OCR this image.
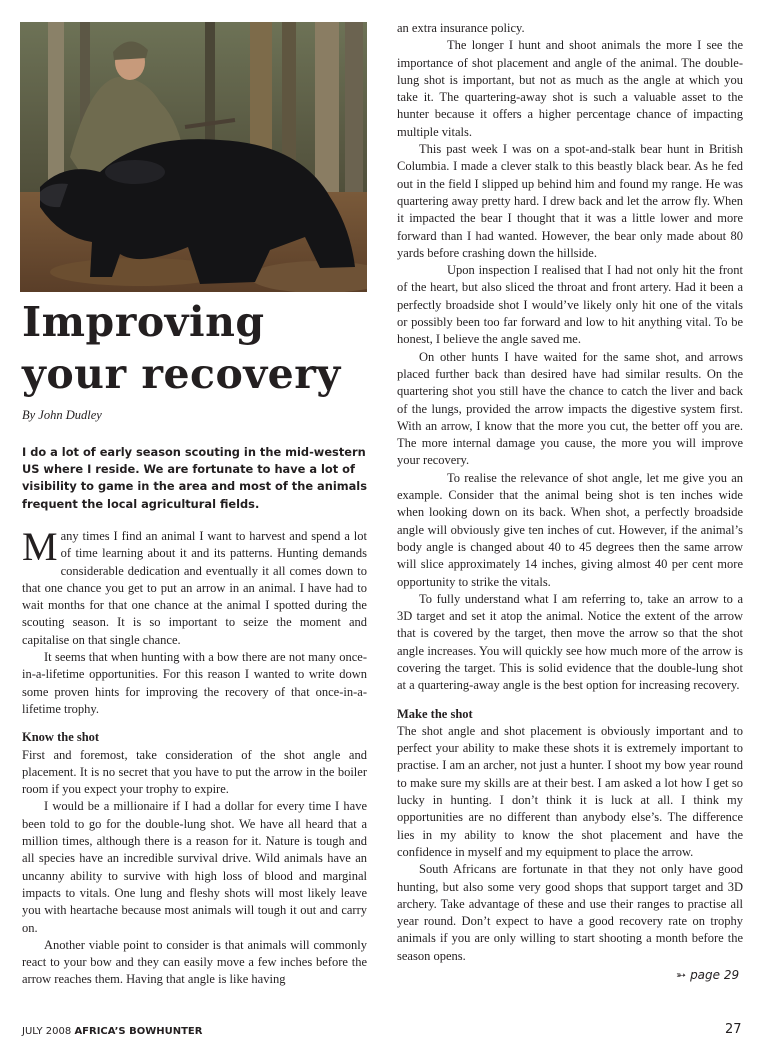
Improving
your recovery
By John Dudley

I do a lot of early season scouting in the mid-western US where I reside. We are fortunate to have a lot of visibility to game in the area and most of the animals frequent the local agricultural fields.

Many times I find an animal I want to harvest and spend a lot of time learning about it and its patterns. Hunting demands considerable dedication and eventually it all comes down to that one chance you get to put an arrow in an animal. I have had to wait months for that one chance at the animal I spotted during the scouting season. It is so important to seize the moment and capitalise on that single chance.

It seems that when hunting with a bow there are not many once-in-a-lifetime opportunities. For this reason I wanted to write down some proven hints for improving the recovery of that once-in-a-lifetime trophy.

Know the shot

First and foremost, take consideration of the shot angle and placement. It is no secret that you have to put the arrow in the boiler room if you expect your trophy to expire.

I would be a millionaire if I had a dollar for every time I have been told to go for the double-lung shot. We have all heard that a million times, although there is a reason for it. Nature is tough and all species have an incredible survival drive. Wild animals have an uncanny ability to survive with high loss of blood and marginal impacts to vitals. One lung and fleshy shots will most likely leave you with heartache because most animals will tough it out and carry on.

Another viable point to consider is that animals will commonly react to your bow and they can easily move a few inches before the arrow reaches them. Having that angle is like having

an extra insurance policy.

The longer I hunt and shoot animals the more I see the importance of shot placement and angle of the animal. The double-lung shot is important, but not as much as the angle at which you take it. The quartering-away shot is such a valuable asset to the hunter because it offers a higher percentage chance of impacting multiple vitals.

This past week I was on a spot-and-stalk bear hunt in British Columbia. I made a clever stalk to this beastly black bear. As he fed out in the field I slipped up behind him and found my range. He was quartering away pretty hard. I drew back and let the arrow fly. When it impacted the bear I thought that it was a little lower and more forward than I had wanted. However, the bear only made about 80 yards before crashing down the hillside.

Upon inspection I realised that I had not only hit the front of the heart, but also sliced the throat and front artery. Had it been a perfectly broadside shot I would’ve likely only hit one of the vitals or possibly been too far forward and low to hit anything vital. To be honest, I believe the angle saved me.

On other hunts I have waited for the same shot, and arrows placed further back than desired have had similar results. On the quartering shot you still have the chance to catch the liver and back of the lungs, provided the arrow impacts the digestive system first. With an arrow, I know that the more you cut, the better off you are. The more internal damage you cause, the more you will improve your recovery.

To realise the relevance of shot angle, let me give you an example. Consider that the animal being shot is ten inches wide when looking down on its back. When shot, a perfectly broadside angle will obviously give ten inches of cut. However, if the animal’s body angle is changed about 40 to 45 degrees then the same arrow will slice approximately 14 inches, giving almost 40 per cent more opportunity to strike the vitals.

To fully understand what I am referring to, take an arrow to a 3D target and set it atop the animal. Notice the extent of the arrow that is covered by the target, then move the arrow so that the shot angle increases. You will quickly see how much more of the arrow is covering the target. This is solid evidence that the double-lung shot at a quartering-away angle is the best option for increasing recovery.

Make the shot

The shot angle and shot placement is obviously important and to perfect your ability to make these shots it is extremely important to practise. I am an archer, not just a hunter. I shoot my bow year round to make sure my skills are at their best. I am asked a lot how I get so lucky in hunting. I don’t think it is luck at all. I think my opportunities are no different than anybody else’s. The difference lies in my ability to know the shot placement and have the confidence in myself and my equipment to place the arrow.

South Africans are fortunate in that they not only have good hunting, but also some very good shops that support target and 3D archery. Take advantage of these and use their ranges to practise all year round. Don’t expect to have a good recovery rate on trophy animals if you are only willing to start shooting a month before the season opens.

➳ page 29
JULY 2008 AFRICA’S BOWHUNTER	27
